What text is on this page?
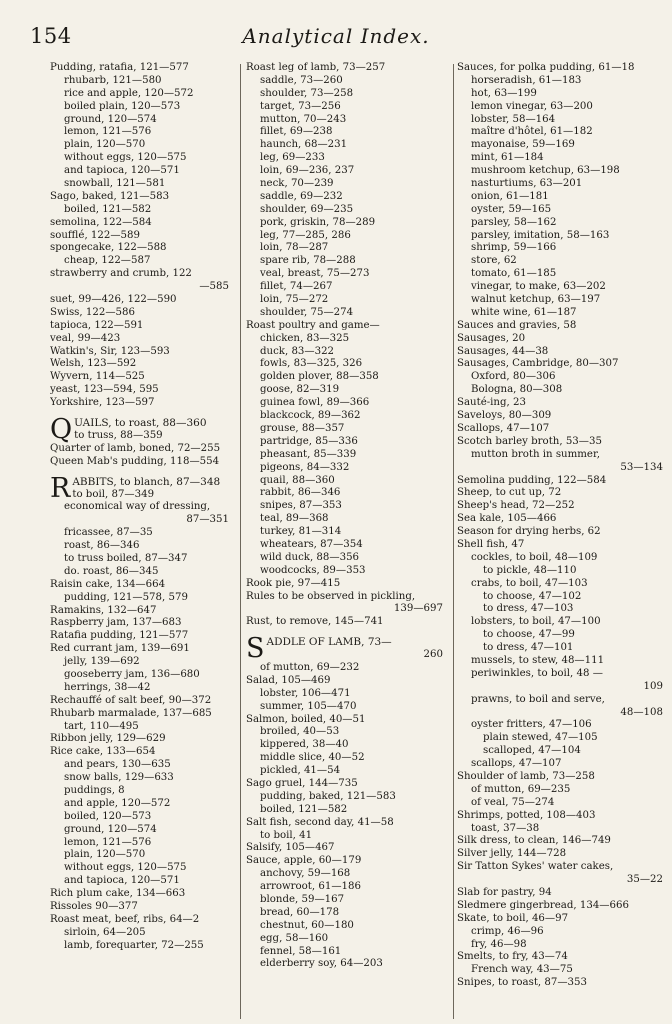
154	Analytical Index.
Pudding, ratafia, 121—577
rhubarb, 121—580
rice and apple, 120—572
boiled plain, 120—573
ground, 120—574
lemon, 121—576
plain, 120—570
without eggs, 120—575
and tapioca, 120—571
snowball, 121—581
Sago, baked, 121—583
boiled, 121—582
semolina, 122—584
soufflé, 122—589
spongecake, 122—588
cheap, 122—587
strawberry and crumb, 122
—585
suet, 99—426, 122—590
Swiss, 122—586
tapioca, 122—591
veal, 99—423
Watkin's, Sir, 123—593
Welsh, 123—592
Wyvern, 114—525
yeast, 123—594, 595
Yorkshire, 123—597
QUAILS, to roast, 88—360
to truss, 88—359
Quarter of lamb, boned, 72—255
Queen Mab's pudding, 118—554
RABBITS, to blanch, 87—348
to boil, 87—349
economical way of dressing,
87—351
fricassee, 87—35
roast, 86—346
to truss boiled, 87—347
do. roast, 86—345
Raisin cake, 134—664
pudding, 121—578, 579
Ramakins, 132—647
Raspberry jam, 137—683
Ratafia pudding, 121—577
Red currant jam, 139—691
jelly, 139—692
gooseberry jam, 136—680
herrings, 38—42
Rechauffé of salt beef, 90—372
Rhubarb marmalade, 137—685
tart, 110—495
Ribbon jelly, 129—629
Rice cake, 133—654
and pears, 130—635
snow balls, 129—633
puddings, 8
and apple, 120—572
boiled, 120—573
ground, 120—574
lemon, 121—576
plain, 120—570
without eggs, 120—575
and tapioca, 120—571
Rich plum cake, 134—663
Rissoles 90—377
Roast meat, beef, ribs, 64—2
sirloin, 64—205
lamb, forequarter, 72—255
Roast leg of lamb, 73—257
saddle, 73—260
shoulder, 73—258
target, 73—256
mutton, 70—243
fillet, 69—238
haunch, 68—231
leg, 69—233
loin, 69—236, 237
neck, 70—239
saddle, 69—232
shoulder, 69—235
pork, griskin, 78—289
leg, 77—285, 286
loin, 78—287
spare rib, 78—288
veal, breast, 75—273
fillet, 74—267
loin, 75—272
shoulder, 75—274
Roast poultry and game—
chicken, 83—325
duck, 83—322
fowls, 83—325, 326
golden plover, 88—358
goose, 82—319
guinea fowl, 89—366
blackcock, 89—362
grouse, 88—357
partridge, 85—336
pheasant, 85—339
pigeons, 84—332
quail, 88—360
rabbit, 86—346
snipes, 87—353
teal, 89—368
turkey, 81—314
wheatears, 87—354
wild duck, 88—356
woodcocks, 89—353
Rook pie, 97—415
Rules to be observed in pickling,
139—697
Rust, to remove, 145—741
SADDLE OF LAMB, 73—
260
of mutton, 69—232
Salad, 105—469
lobster, 106—471
summer, 105—470
Salmon, boiled, 40—51
broiled, 40—53
kippered, 38—40
middle slice, 40—52
pickled, 41—54
Sago gruel, 144—735
pudding, baked, 121—583
boiled, 121—582
Salt fish, second day, 41—58
to boil, 41
Salsify, 105—467
Sauce, apple, 60—179
anchovy, 59—168
arrowroot, 61—186
blonde, 59—167
bread, 60—178
chestnut, 60—180
egg, 58—160
fennel, 58—161
elderberry soy, 64—203
Sauces, for polka pudding, 61—18
horseradish, 61—183
hot, 63—199
lemon vinegar, 63—200
lobster, 58—164
maître d'hôtel, 61—182
mayonaise, 59—169
mint, 61—184
mushroom ketchup, 63—198
nasturtiums, 63—201
onion, 61—181
oyster, 59—165
parsley, 58—162
parsley, imitation, 58—163
shrimp, 59—166
store, 62
tomato, 61—185
vinegar, to make, 63—202
walnut ketchup, 63—197
white wine, 61—187
Sauces and gravies, 58
Sausages, 20
Sausages, 44—38
Sausages, Cambridge, 80—307
Oxford, 80—306
Bologna, 80—308
Sauté-ing, 23
Saveloys, 80—309
Scallops, 47—107
Scotch barley broth, 53—35
mutton broth in summer,
53—134
Semolina pudding, 122—584
Sheep, to cut up, 72
Sheep's head, 72—252
Sea kale, 105—466
Season for drying herbs, 62
Shell fish, 47
cockles, to boil, 48—109
to pickle, 48—110
crabs, to boil, 47—103
to choose, 47—102
to dress, 47—103
lobsters, to boil, 47—100
to choose, 47—99
to dress, 47—101
mussels, to stew, 48—111
periwinkles, to boil, 48 —
109
prawns, to boil and serve,
48—108
oyster fritters, 47—106
plain stewed, 47—105
scalloped, 47—104
scallops, 47—107
Shoulder of lamb, 73—258
of mutton, 69—235
of veal, 75—274
Shrimps, potted, 108—403
toast, 37—38
Silk dress, to clean, 146—749
Silver jelly, 144—728
Sir Tatton Sykes' water cakes,
35—22
Slab for pastry, 94
Sledmere gingerbread, 134—666
Skate, to boil, 46—97
crimp, 46—96
fry, 46—98
Smelts, to fry, 43—74
French way, 43—75
Snipes, to roast, 87—353
